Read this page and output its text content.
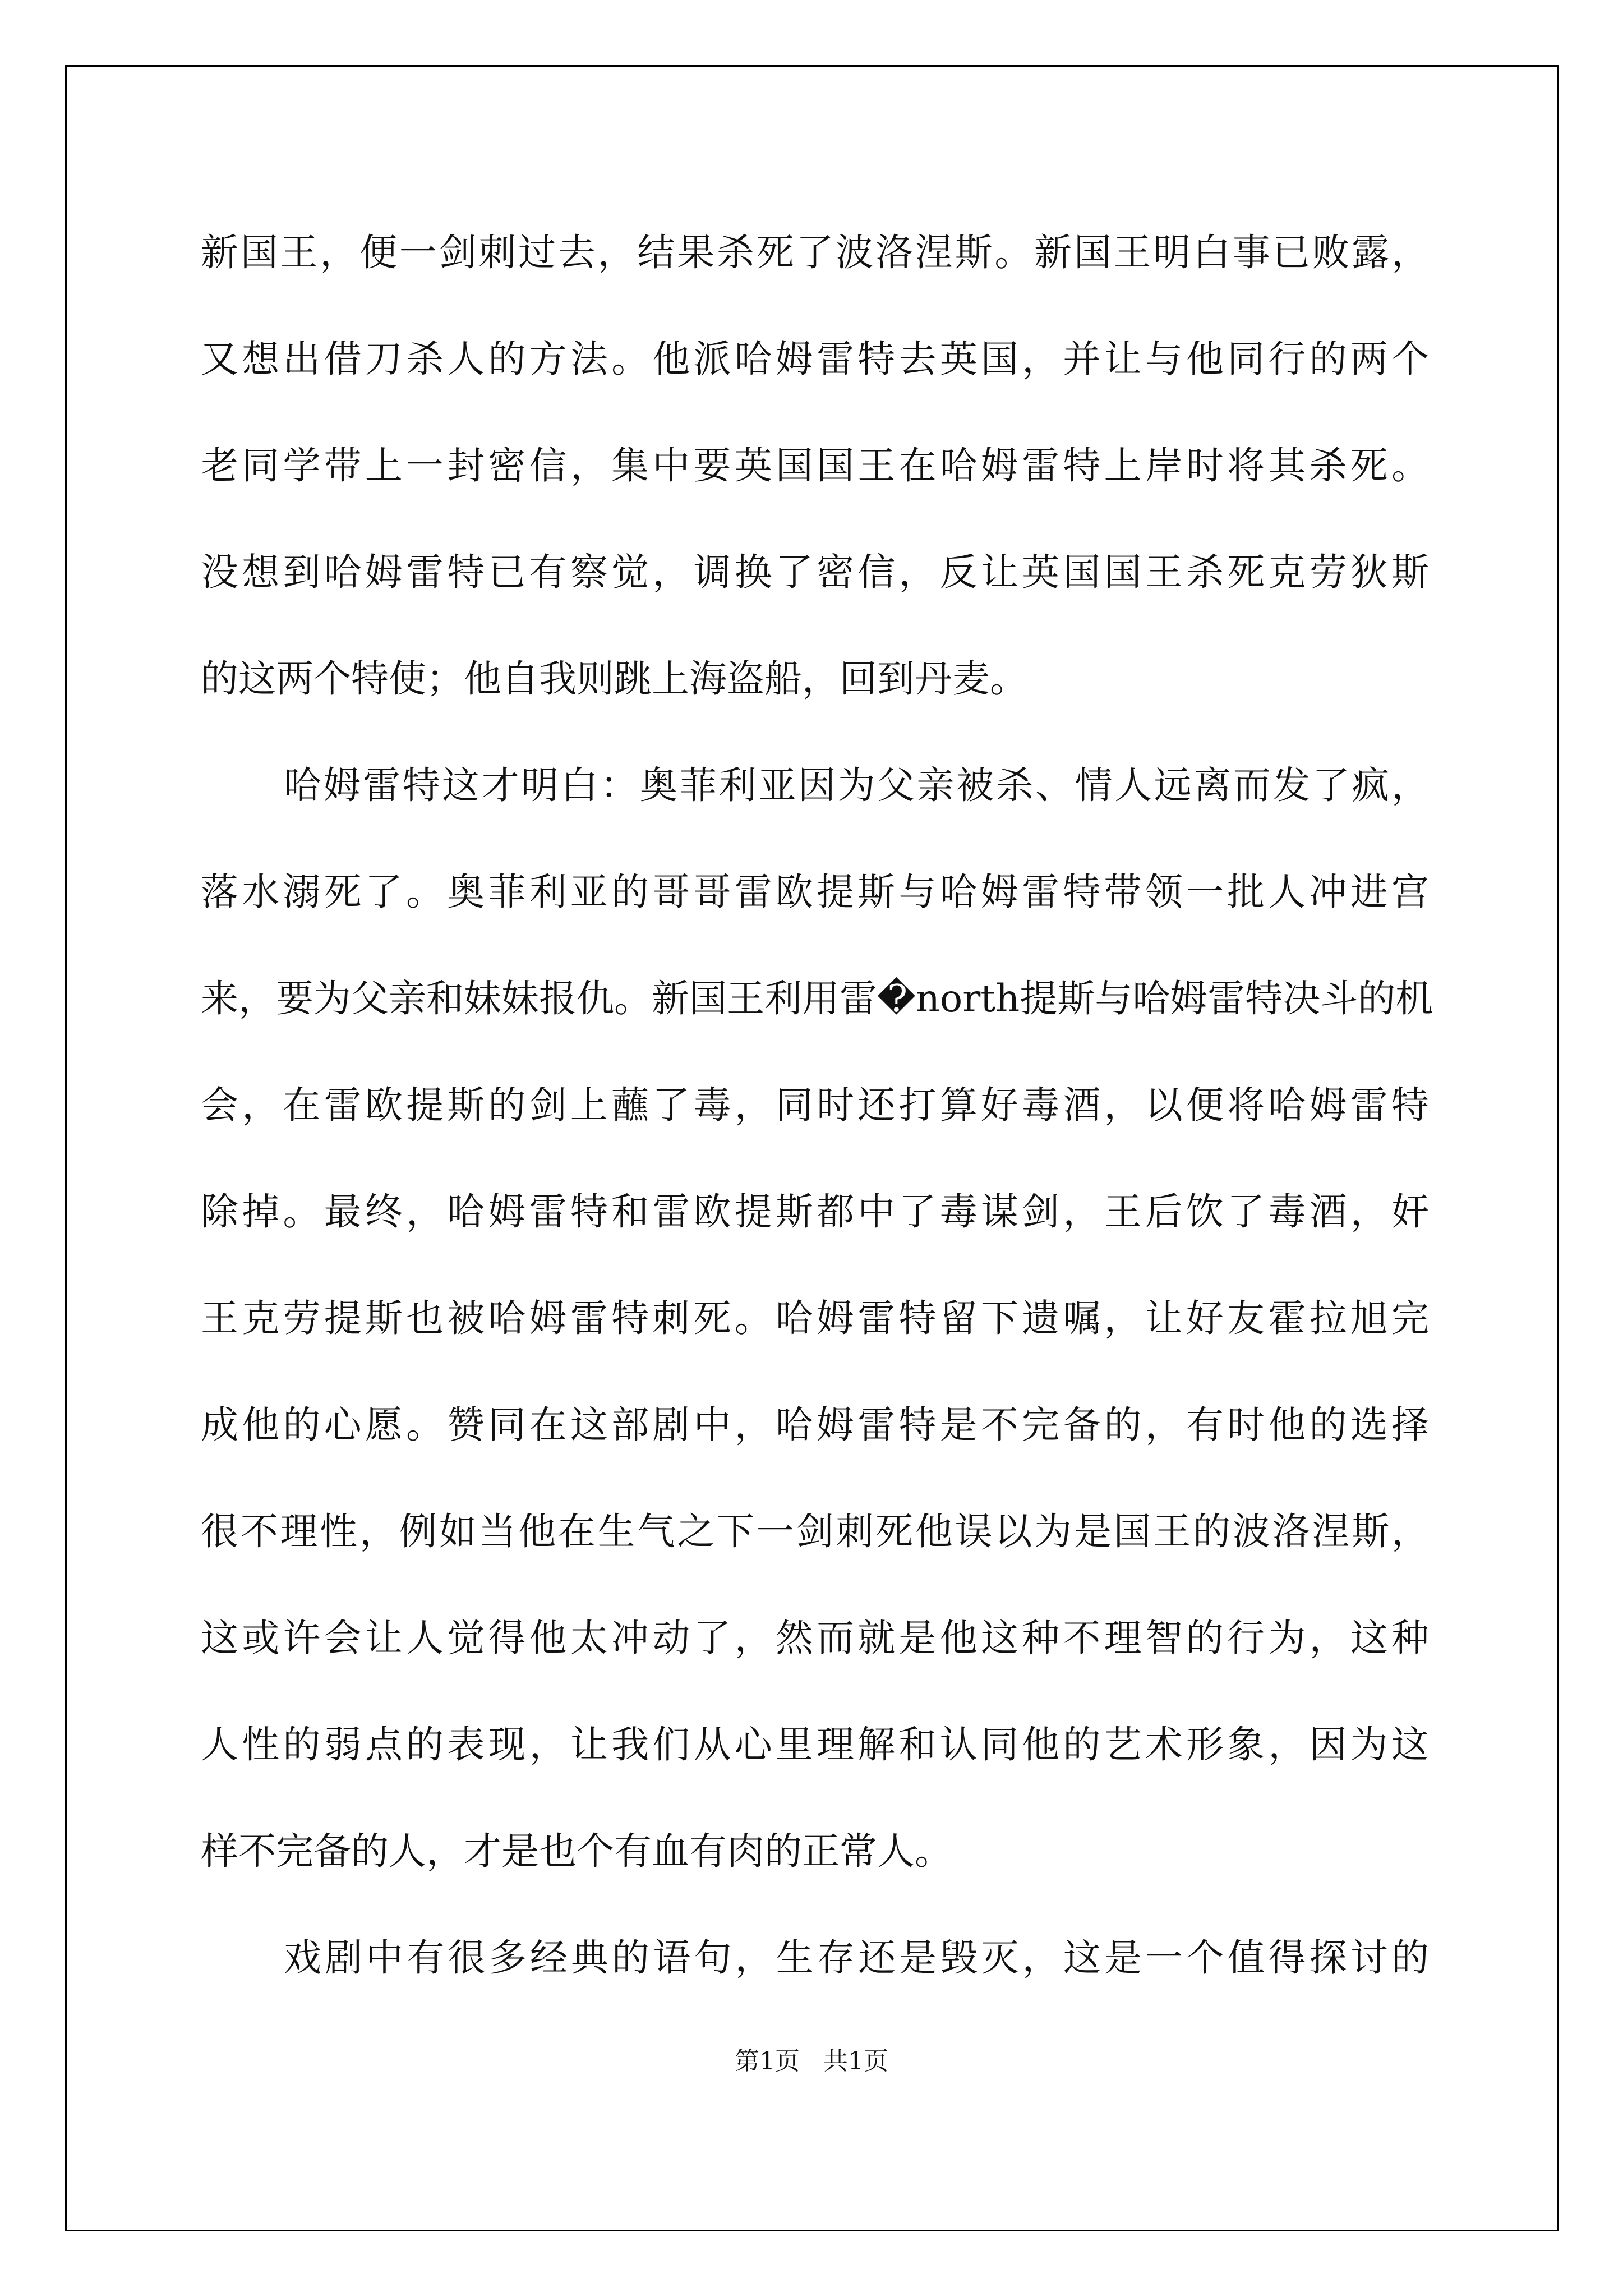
新国王，便一剑刺过去，结果杀死了波洛涅斯。新国王明白事已败露，
又想出借刀杀人的方法。他派哈姆雷特去英国，并让与他同行的两个
老同学带上一封密信，集中要英国国王在哈姆雷特上岸时将其杀死。
没想到哈姆雷特已有察觉，调换了密信，反让英国国王杀死克劳狄斯
的这两个特使；他自我则跳上海盗船，回到丹麦。
哈姆雷特这才明白：奥菲利亚因为父亲被杀、情人远离而发了疯，
落水溺死了。奥菲利亚的哥哥雷欧提斯与哈姆雷特带领一批人冲进宫
来，要为父亲和妹妹报仇。新国王利用雷�north提斯与哈姆雷特决斗的机
会，在雷欧提斯的剑上蘸了毒，同时还打算好毒酒，以便将哈姆雷特
除掉。最终，哈姆雷特和雷欧提斯都中了毒谋剑，王后饮了毒酒，奸
王克劳提斯也被哈姆雷特刺死。哈姆雷特留下遗嘱，让好友霍拉旭完
成他的心愿。赞同在这部剧中，哈姆雷特是不完备的，有时他的选择
很不理性，例如当他在生气之下一剑刺死他误以为是国王的波洛涅斯，
这或许会让人觉得他太冲动了，然而就是他这种不理智的行为，这种
人性的弱点的表现，让我们从心里理解和认同他的艺术形象，因为这
样不完备的人，才是也个有血有肉的正常人。
戏剧中有很多经典的语句，生存还是毁灭，这是一个值得探讨的
第1页   共1页
